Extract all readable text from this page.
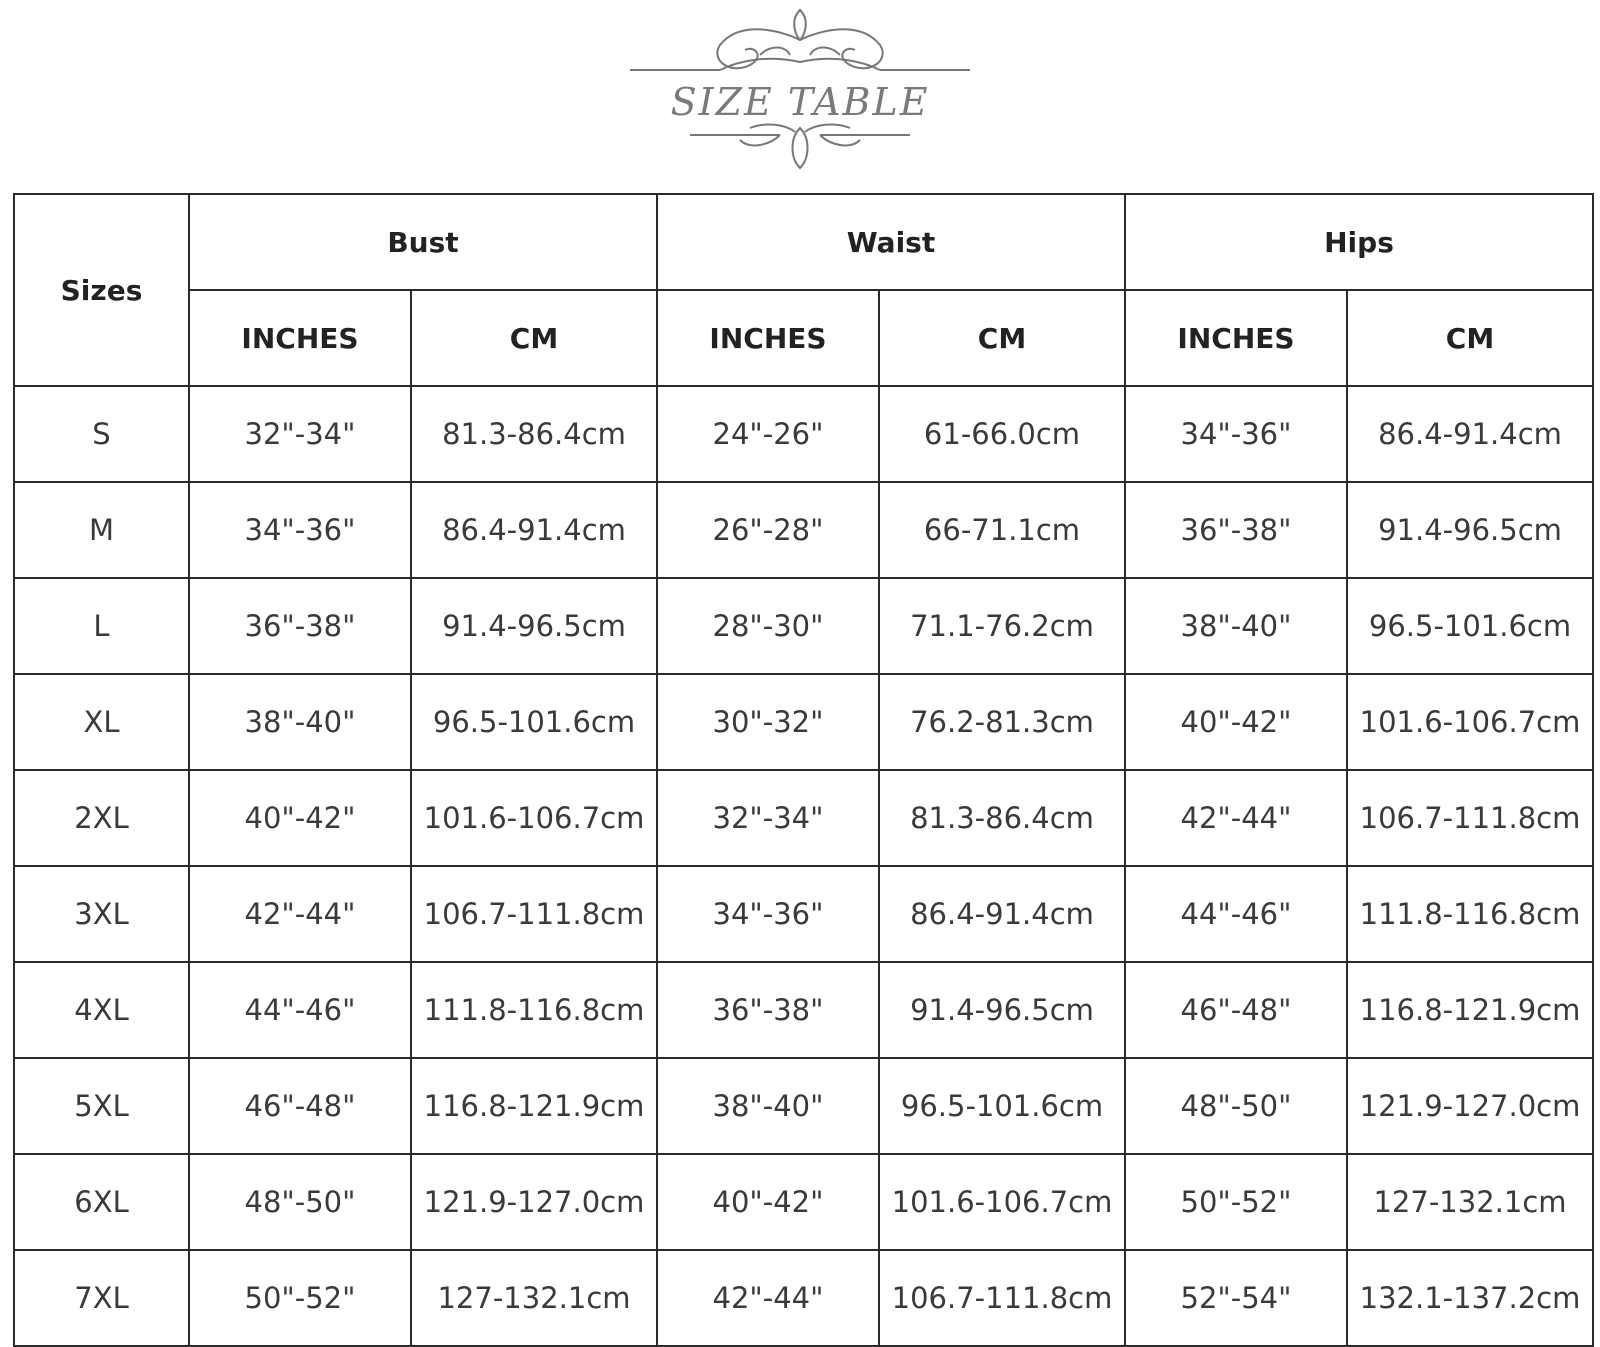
SIZE TABLE
Sizes	Bust		Waist		Hips	
	INCHES	CM	INCHES	CM	INCHES	CM
S	32"-34"	81.3-86.4cm	24"-26"	61-66.0cm	34"-36"	86.4-91.4cm
M	34"-36"	86.4-91.4cm	26"-28"	66-71.1cm	36"-38"	91.4-96.5cm
L	36"-38"	91.4-96.5cm	28"-30"	71.1-76.2cm	38"-40"	96.5-101.6cm
XL	38"-40"	96.5-101.6cm	30"-32"	76.2-81.3cm	40"-42"	101.6-106.7cm
2XL	40"-42"	101.6-106.7cm	32"-34"	81.3-86.4cm	42"-44"	106.7-111.8cm
3XL	42"-44"	106.7-111.8cm	34"-36"	86.4-91.4cm	44"-46"	111.8-116.8cm
4XL	44"-46"	111.8-116.8cm	36"-38"	91.4-96.5cm	46"-48"	116.8-121.9cm
5XL	46"-48"	116.8-121.9cm	38"-40"	96.5-101.6cm	48"-50"	121.9-127.0cm
6XL	48"-50"	121.9-127.0cm	40"-42"	101.6-106.7cm	50"-52"	127-132.1cm
7XL	50"-52"	127-132.1cm	42"-44"	106.7-111.8cm	52"-54"	132.1-137.2cm
